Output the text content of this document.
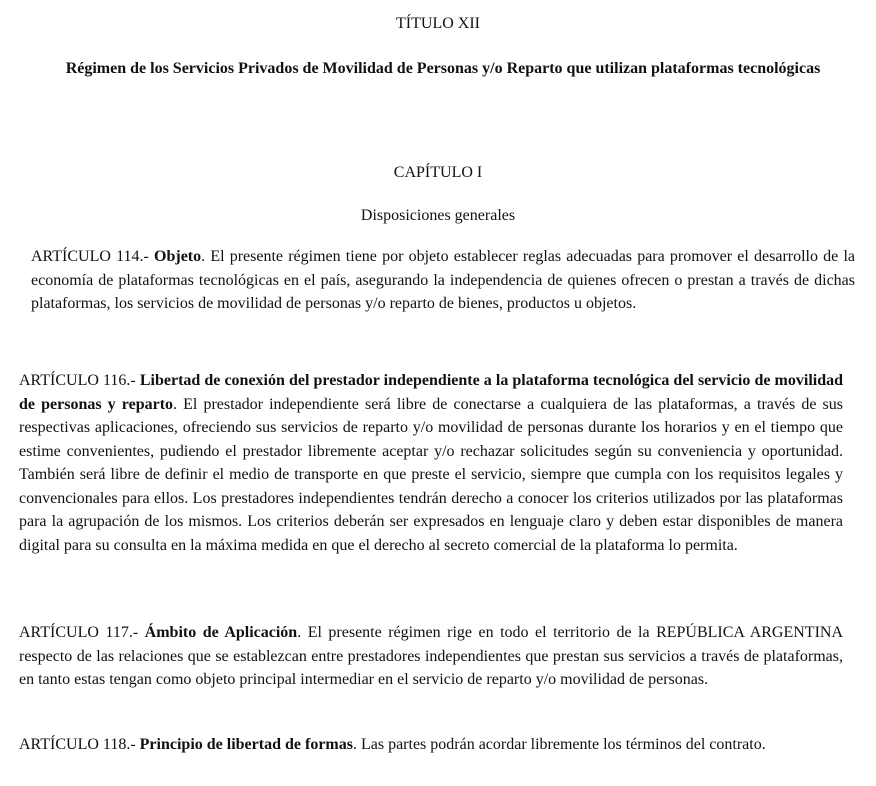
TÍTULO XII
Régimen de los Servicios Privados de Movilidad de Personas y/o Reparto que utilizan plataformas tecnológicas
CAPÍTULO I
Disposiciones generales

ARTÍCULO 114.- Objeto. El presente régimen tiene por objeto establecer reglas adecuadas para promover el desarrollo de la economía de plataformas tecnológicas en el país, asegurando la independencia de quienes ofrecen o prestan a través de dichas plataformas, los servicios de movilidad de personas y/o reparto de bienes, productos u objetos.

ARTÍCULO 116.- Libertad de conexión del prestador independiente a la plataforma tecnológica del servicio de movilidad de personas y reparto. El prestador independiente será libre de conectarse a cualquiera de las plataformas, a través de sus respectivas aplicaciones, ofreciendo sus servicios de reparto y/o movilidad de personas durante los horarios y en el tiempo que estime convenientes, pudiendo el prestador libremente aceptar y/o rechazar solicitudes según su conveniencia y oportunidad. También será libre de definir el medio de transporte en que preste el servicio, siempre que cumpla con los requisitos legales y convencionales para ellos. Los prestadores independientes tendrán derecho a conocer los criterios utilizados por las plataformas para la agrupación de los mismos. Los criterios deberán ser expresados en lenguaje claro y deben estar disponibles de manera digital para su consulta en la máxima medida en que el derecho al secreto comercial de la plataforma lo permita.

ARTÍCULO 117.- Ámbito de Aplicación. El presente régimen rige en todo el territorio de la REPÚBLICA ARGENTINA respecto de las relaciones que se establezcan entre prestadores independientes que prestan sus servicios a través de plataformas, en tanto estas tengan como objeto principal intermediar en el servicio de reparto y/o movilidad de personas.

ARTÍCULO 118.- Principio de libertad de formas. Las partes podrán acordar libremente los términos del contrato.
